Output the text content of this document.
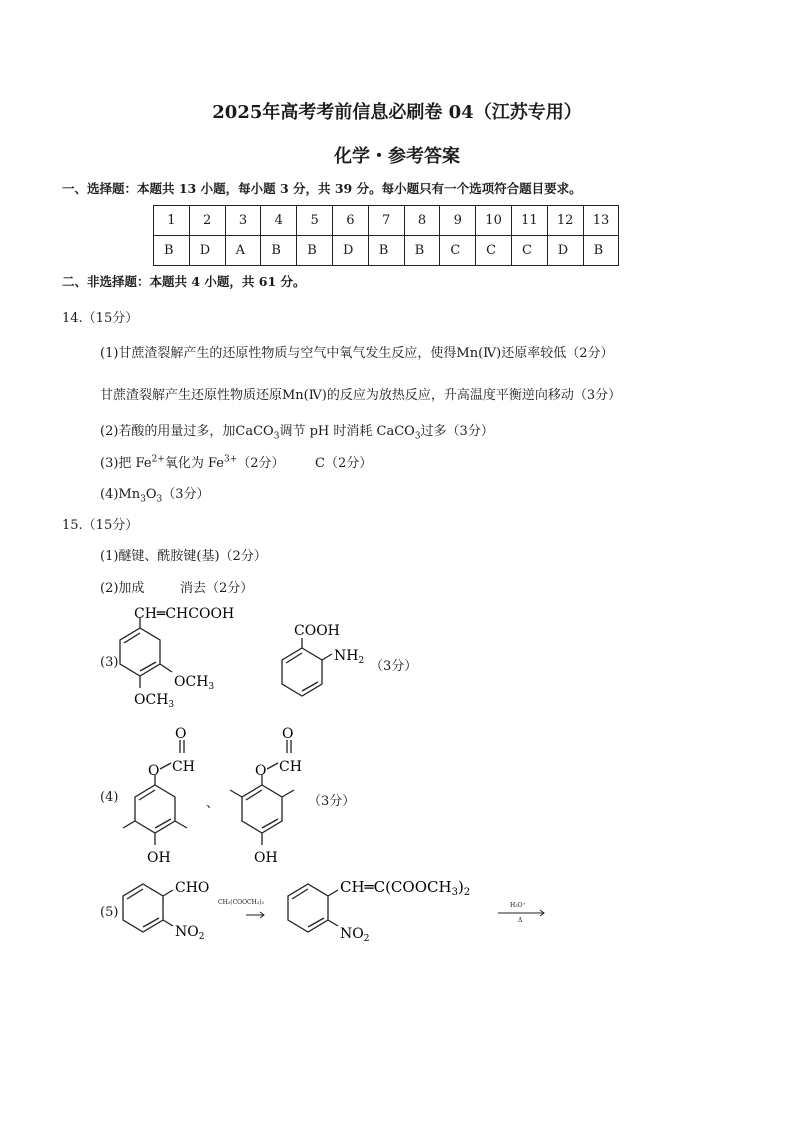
2025年高考考前信息必刷卷 04（江苏专用）
化学・参考答案
一、选择题：本题共 13 小题，每小题 3 分，共 39 分。每小题只有一个选项符合题目要求。
1	2	3	4	5	6	7	8	9	10	11	12	13
B	D	A	B	B	D	B	B	C	C	C	D	B
二、非选择题：本题共 4 小题，共 61 分。
14.（15分）
(1)甘蔗渣裂解产生的还原性物质与空气中氧气发生反应，使得Mn(Ⅳ)还原率较低（2分）
甘蔗渣裂解产生还原性物质还原Mn(Ⅳ)的反应为放热反应，升高温度平衡逆向移动（3分）
(2)若酸的用量过多，加CaCO$_3$调节 pH 时消耗 CaCO$_3$过多（3分）
(3)把 $Fe^{2+}$氧化为 $Fe^{3+}(2$分） C（2分）
$(4)Mn_3O_3(3$分）
15.（15分）
(1)醚键、酰胺键(基)（2分）
(2)加成	消去（2分）
(3)
CH═CHCOOH
$OCH_3$
$OCH_3$
COOH
$NH_2$ （3分）
(4)
O
O
CH
OH
、
O
O
CH
OH
（3分）
(5)
CHO
$NO_2$
CH₂(COOCH₃)₂
$CH═C(COOCH_3)_2$
$NO_2$
H₃O⁺
Δ
